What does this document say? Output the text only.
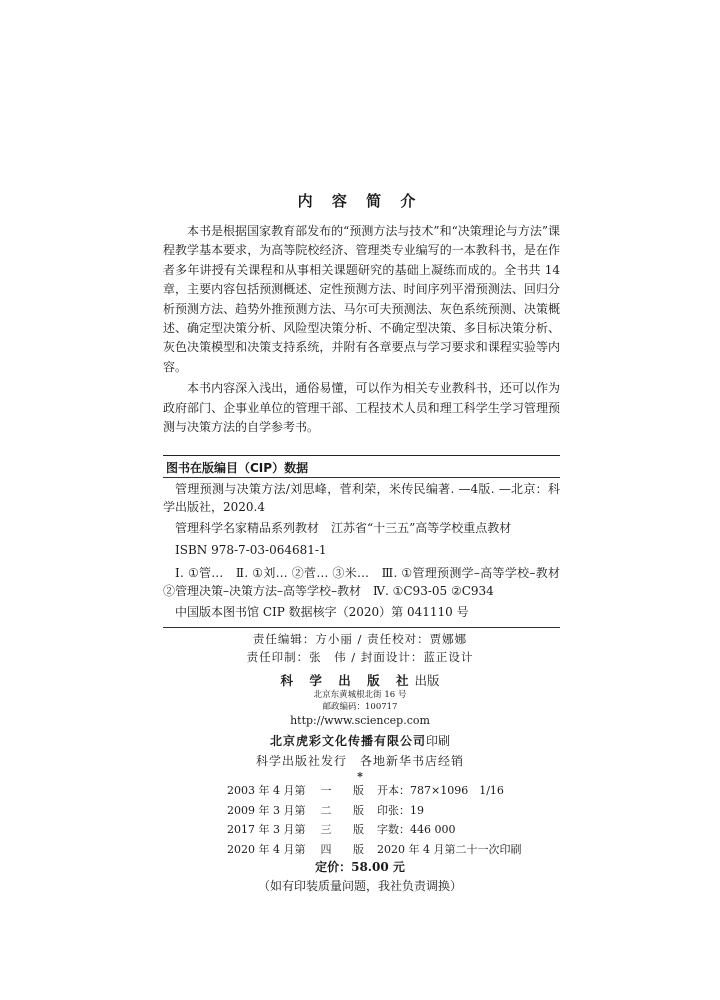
内 容 简 介

本书是根据国家教育部发布的“预测方法与技术”和“决策理论与方法”课程教学基本要求，为高等院校经济、管理类专业编写的一本教科书，是在作者多年讲授有关课程和从事相关课题研究的基础上凝练而成的。全书共 14 章，主要内容包括预测概述、定性预测方法、时间序列平滑预测法、回归分析预测方法、趋势外推预测方法、马尔可夫预测法、灰色系统预测、决策概述、确定型决策分析、风险型决策分析、不确定型决策、多目标决策分析、灰色决策模型和决策支持系统，并附有各章要点与学习要求和课程实验等内容。

本书内容深入浅出，通俗易懂，可以作为相关专业教科书，还可以作为政府部门、企事业单位的管理干部、工程技术人员和理工科学生学习管理预测与决策方法的自学参考书。

图书在版编目（CIP）数据

管理预测与决策方法/刘思峰，菅利荣，米传民编著. —4版. —北京：科学出版社，2020.4

管理科学名家精品系列教材　江苏省“十三五”高等学校重点教材

ISBN 978-7-03-064681-1

Ⅰ. ①管…　Ⅱ. ①刘… ②菅… ③米…　Ⅲ. ①管理预测学–高等学校–教材 ②管理决策–决策方法–高等学校–教材　Ⅳ. ①C93-05 ②C934

中国版本图书馆 CIP 数据核字（2020）第 041110 号

责任编辑：方小丽 / 责任校对：贾娜娜
责任印制：张　伟 / 封面设计：蓝正设计
科 学 出 版 社出版
北京东黄城根北街 16 号
邮政编码：100717
http://www.sciencep.com
北京虎彩文化传播有限公司印刷
科学出版社发行　各地新华书店经销
*
2003 年 4 月第	一	版	开本：787×1096　1/16
2009 年 3 月第	二	版	印张：19
2017 年 3 月第	三	版	字数：446 000
2020 年 4 月第	四	版	2020 年 4 月第二十一次印刷
定价：58.00 元
（如有印装质量问题，我社负责调换）
